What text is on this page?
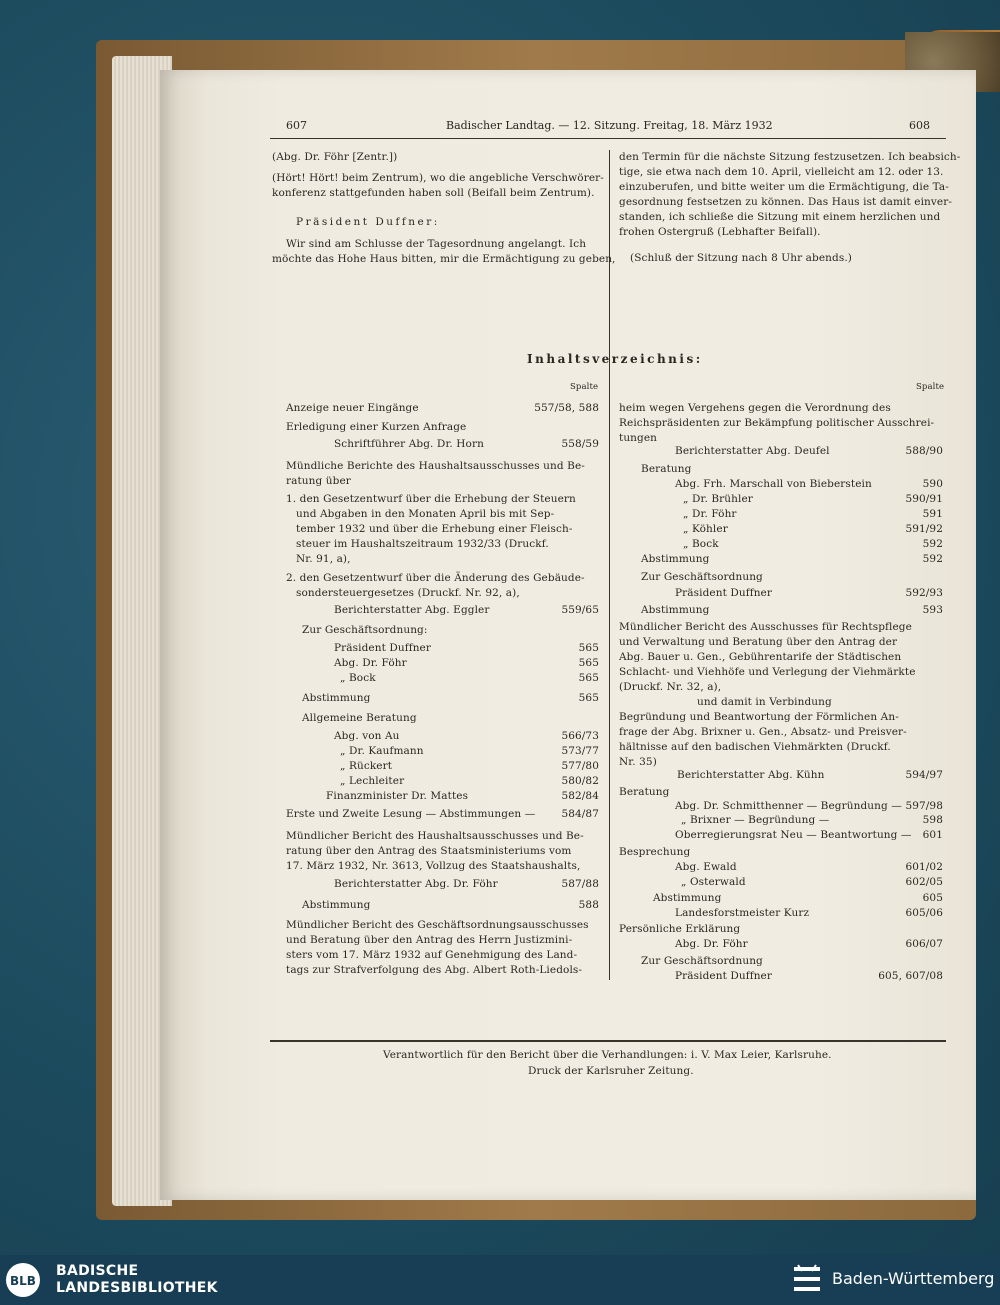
607	Badischer Landtag. — 12. Sitzung. Freitag, 18. März 1932	608
(Abg. Dr. Föhr [Zentr.])
(Hört! Hört! beim Zentrum), wo die angebliche Verschwörer-
konferenz stattgefunden haben soll (Beifall beim Zentrum).
Präsident Duffner:
Wir sind am Schlusse der Tagesordnung angelangt. Ich
möchte das Hohe Haus bitten, mir die Ermächtigung zu geben,
den Termin für die nächste Sitzung festzusetzen. Ich beabsich-
tige, sie etwa nach dem 10. April, vielleicht am 12. oder 13.
einzuberufen, und bitte weiter um die Ermächtigung, die Ta-
gesordnung festsetzen zu können. Das Haus ist damit einver-
standen, ich schließe die Sitzung mit einem herzlichen und
frohen Ostergruß (Lebhafter Beifall).
(Schluß der Sitzung nach 8 Uhr abends.)
Inhaltsverzeichnis:
Spalte	Spalte
Anzeige neuer Eingänge	557/58, 588
Erledigung einer Kurzen Anfrage
Schriftführer Abg. Dr. Horn	558/59
Mündliche Berichte des Haushaltsausschusses und Be-
ratung über
1. den Gesetzentwurf über die Erhebung der Steuern
und Abgaben in den Monaten April bis mit Sep-
tember 1932 und über die Erhebung einer Fleisch-
steuer im Haushaltszeitraum 1932/33 (Druckf.
Nr. 91, a),
2. den Gesetzentwurf über die Änderung des Gebäude-
sondersteuergesetzes (Druckf. Nr. 92, a),
Berichterstatter Abg. Eggler	559/65
Zur Geschäftsordnung:
Präsident Duffner	565
Abg. Dr. Föhr	565
„ Bock	565
Abstimmung	565
Allgemeine Beratung
Abg. von Au	566/73
„ Dr. Kaufmann	573/77
„ Rückert	577/80
„ Lechleiter	580/82
Finanzminister Dr. Mattes	582/84
Erste und Zweite Lesung — Abstimmungen — 584/87
Mündlicher Bericht des Haushaltsausschusses und Be-
ratung über den Antrag des Staatsministeriums vom
17. März 1932, Nr. 3613, Vollzug des Staatshaushalts,
Berichterstatter Abg. Dr. Föhr	587/88
Abstimmung	588
Mündlicher Bericht des Geschäftsordnungsausschusses
und Beratung über den Antrag des Herrn Justizmini-
sters vom 17. März 1932 auf Genehmigung des Land-
tags zur Strafverfolgung des Abg. Albert Roth-Liedols-
heim wegen Vergehens gegen die Verordnung des
Reichspräsidenten zur Bekämpfung politischer Ausschrei-
tungen
Berichterstatter Abg. Deufel	588/90
Beratung
Abg. Frh. Marschall von Bieberstein	590
„ Dr. Brühler	590/91
„ Dr. Föhr	591
„ Köhler	591/92
„ Bock	592
Abstimmung	592
Zur Geschäftsordnung
Präsident Duffner	592/93
Abstimmung	593
Mündlicher Bericht des Ausschusses für Rechtspflege
und Verwaltung und Beratung über den Antrag der
Abg. Bauer u. Gen., Gebührentarife der Städtischen
Schlacht- und Viehhöfe und Verlegung der Viehmärkte
(Druckf. Nr. 32, a),
und damit in Verbindung
Begründung und Beantwortung der Förmlichen An-
frage der Abg. Brixner u. Gen., Absatz- und Preisver-
hältnisse auf den badischen Viehmärkten (Druckf.
Nr. 35)
Berichterstatter Abg. Kühn	594/97
Beratung
Abg. Dr. Schmitthenner — Begründung — 597/98
„ Brixner — Begründung —	598
Oberregierungsrat Neu — Beantwortung — 601
Besprechung
Abg. Ewald	601/02
„ Osterwald	602/05
Abstimmung	605
Landesforstmeister Kurz	605/06
Persönliche Erklärung
Abg. Dr. Föhr	606/07
Zur Geschäftsordnung
Präsident Duffner	605, 607/08
Verantwortlich für den Bericht über die Verhandlungen: i. V. Max Leier, Karlsruhe.
Druck der Karlsruher Zeitung.
BLB
BADISCHE
LANDESBIBLIOTHEK	Baden-Württemberg
